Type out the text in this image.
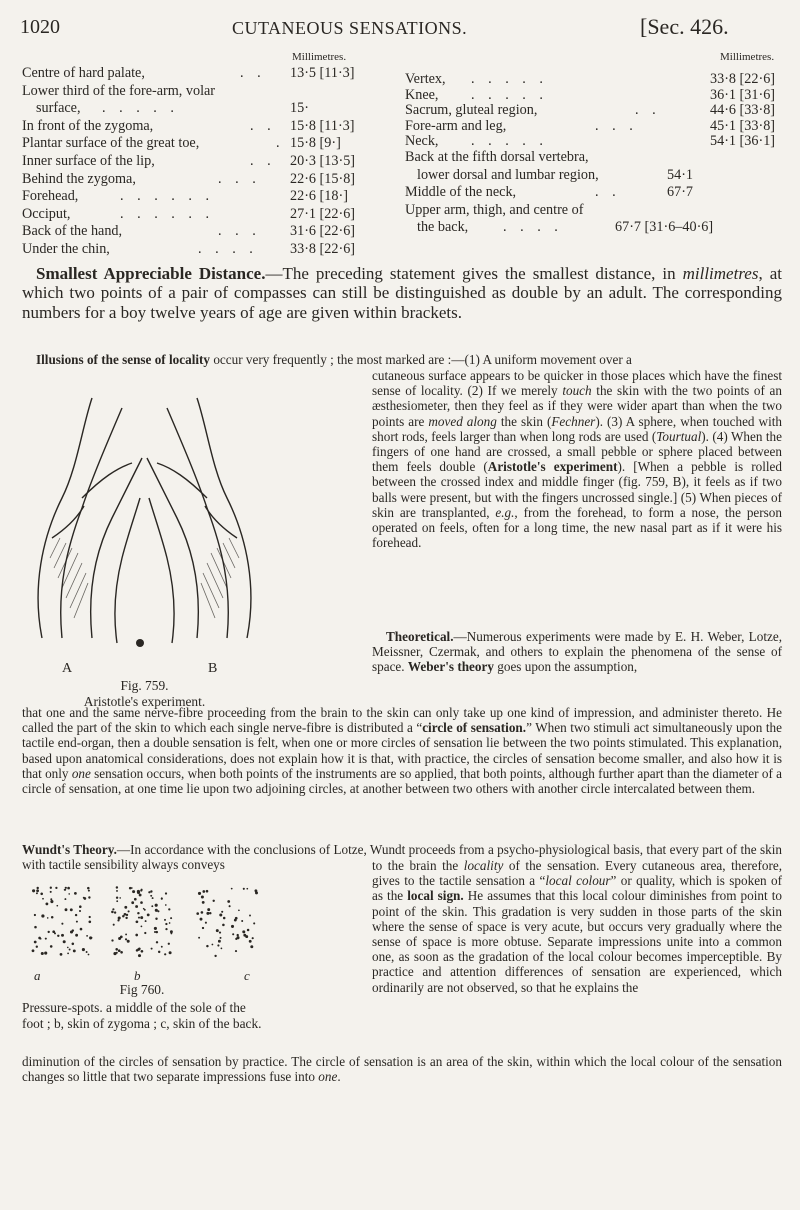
1020	CUTANEOUS SENSATIONS.	[Sec. 426.
Millimetres.
Centre of hard palate,	. . 13·5 [11·3]
Lower third of the fore-arm, volar
surface, . . . . .	15·
In front of the zygoma,	. . 15·8 [11·3]
Plantar surface of the great toe,	. 15·8 [9·]
Inner surface of the lip,	. . 20·3 [13·5]
Behind the zygoma,	. . . 22·6 [15·8]
Forehead,	. . . . . .	22·6 [18·]
Occiput,	. . . . . .	27·1 [22·6]
Back of the hand,	. . . 31·6 [22·6]
Under the chin,	. . . . 33·8 [22·6]
Millimetres.
Vertex, . . . . .	33·8 [22·6]
Knee, . . . . .	36·1 [31·6]
Sacrum, gluteal region,	. .	44·6 [33·8]
Fore-arm and leg,	. . .	45·1 [33·8]
Neck, . . . . .	54·1 [36·1]
Back at the fifth dorsal vertebra,
lower dorsal and lumbar region,	54·1
Middle of the neck,	. .	67·7
Upper arm, thigh, and centre of
the back, . . . .	67·7 [31·6–40·6]
Smallest Appreciable Distance.—The preceding statement gives the smallest distance, in millimetres, at which two points of a pair of compasses can still be distinguished as double by an adult. The corresponding numbers for a boy twelve years of age are given within brackets.
Illusions of the sense of locality occur very frequently ; the most marked are :—(1) A uniform movement over a
A	B
Fig. 759.
Aristotle's experiment.
cutaneous surface appears to be quicker in those places which have the finest sense of locality. (2) If we merely touch the skin with the two points of an æsthesiometer, then they feel as if they were wider apart than when the two points are moved along the skin (Fechner). (3) A sphere, when touched with short rods, feels larger than when long rods are used (Tourtual). (4) When the fingers of one hand are crossed, a small pebble or sphere placed between them feels double (Aristotle's experiment). [When a pebble is rolled between the crossed index and middle finger (fig. 759, B), it feels as if two balls were present, but with the fingers uncrossed single.] (5) When pieces of skin are transplanted, e.g., from the forehead, to form a nose, the person operated on feels, often for a long time, the new nasal part as if it were his forehead.
Theoretical.—Numerous experiments were made by E. H. Weber, Lotze, Meissner, Czermak, and others to explain the phenomena of the sense of space. Weber's theory goes upon the assumption,
that one and the same nerve-fibre proceeding from the brain to the skin can only take up one kind of impression, and administer thereto. He called the part of the skin to which each single nerve-fibre is distributed a “circle of sensation.” When two stimuli act simultaneously upon the tactile end-organ, then a double sensation is felt, when one or more circles of sensation lie between the two points stimulated. This explanation, based upon anatomical considerations, does not explain how it is that, with practice, the circles of sensation become smaller, and also how it is that only one sensation occurs, when both points of the instruments are so applied, that both points, although further apart than the diameter of a circle of sensation, at one time lie upon two adjoining circles, at another between two others with another circle intercalated between them.
Wundt's Theory.—In accordance with the conclusions of Lotze, Wundt proceeds from a psycho-physiological basis, that every part of the skin with tactile sensibility always conveys
a	b	c
Fig 760.
Pressure-spots. a middle of the sole of the foot ; b, skin of zygoma ; c, skin of the back.
to the brain the locality of the sensation. Every cutaneous area, therefore, gives to the tactile sensation a “local colour” or quality, which is spoken of as the local sign. He assumes that this local colour diminishes from point to point of the skin. This gradation is very sudden in those parts of the skin where the sense of space is very acute, but occurs very gradually where the sense of space is more obtuse. Separate impressions unite into a common one, as soon as the gradation of the local colour becomes imperceptible. By practice and attention differences of sensation are experienced, which ordinarily are not observed, so that he explains the
diminution of the circles of sensation by practice. The circle of sensation is an area of the skin, within which the local colour of the sensation changes so little that two separate impressions fuse into one.
